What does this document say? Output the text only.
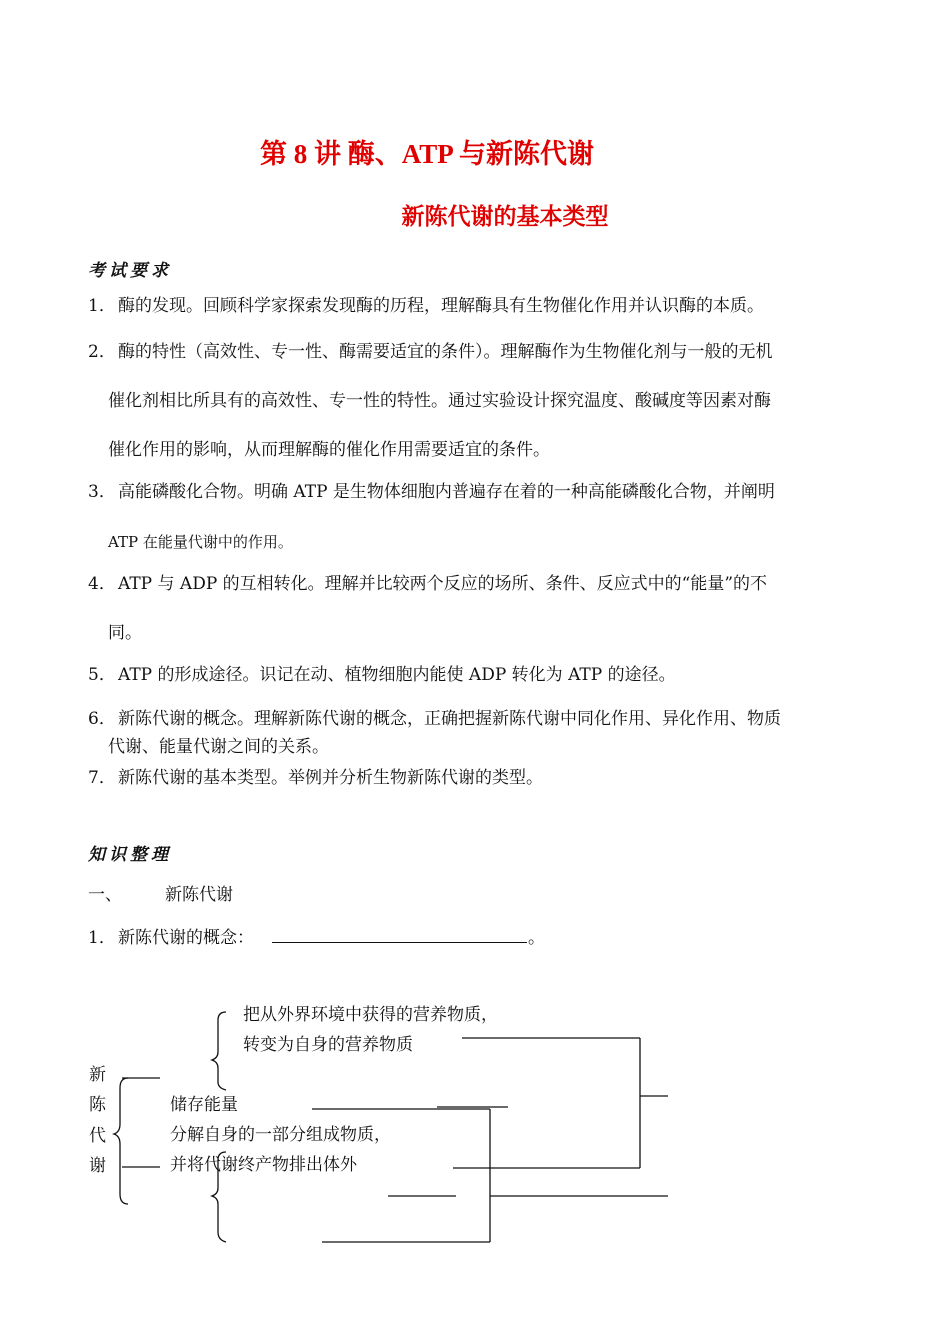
第 8 讲 酶、ATP 与新陈代谢
新陈代谢的基本类型
考试要求
1． 酶的发现。回顾科学家探索发现酶的历程，理解酶具有生物催化作用并认识酶的本质。
2． 酶的特性（高效性、专一性、酶需要适宜的条件）。理解酶作为生物催化剂与一般的无机
催化剂相比所具有的高效性、专一性的特性。通过实验设计探究温度、酸碱度等因素对酶
催化作用的影响，从而理解酶的催化作用需要适宜的条件。
3． 高能磷酸化合物。明确 ATP 是生物体细胞内普遍存在着的一种高能磷酸化合物，并阐明
ATP 在能量代谢中的作用。
4． ATP 与 ADP 的互相转化。理解并比较两个反应的场所、条件、反应式中的“能量”的不
同。
5． ATP 的形成途径。识记在动、植物细胞内能使 ADP 转化为 ATP 的途径。
6． 新陈代谢的概念。理解新陈代谢的概念，正确把握新陈代谢中同化作用、异化作用、物质
代谢、能量代谢之间的关系。
7． 新陈代谢的基本类型。举例并分析生物新陈代谢的类型。
知识整理
一、	新陈代谢
1． 新陈代谢的概念：	。
新
陈
代
谢
把从外界环境中获得的营养物质，
转变为自身的营养物质
储存能量
分解自身的一部分组成物质，
并将代谢终产物排出体外
